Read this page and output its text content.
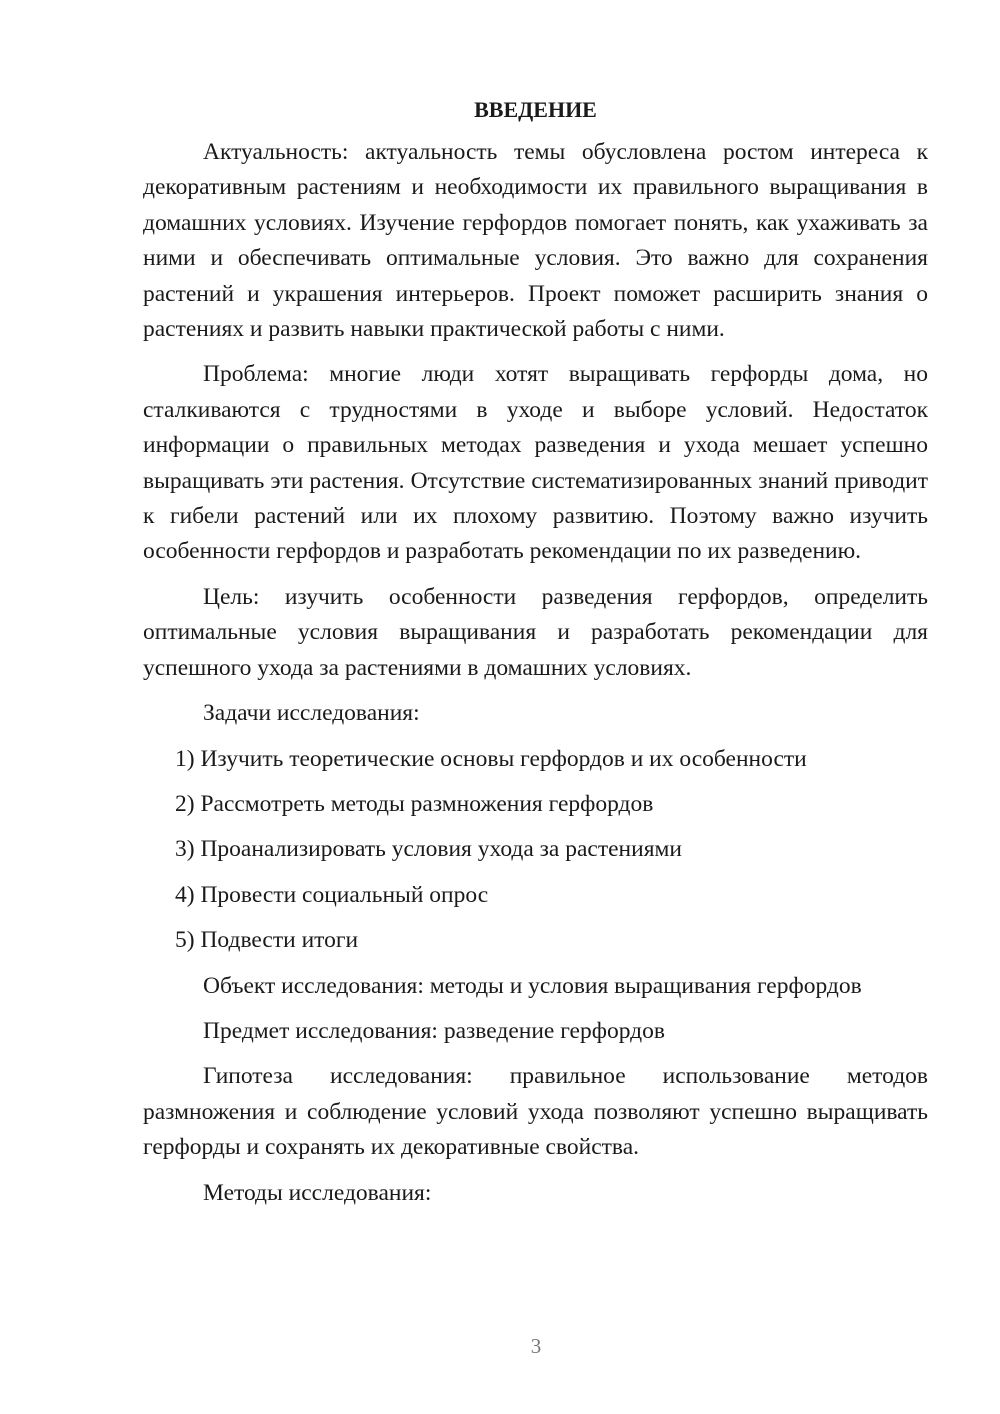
ВВЕДЕНИЕ

Актуальность: актуальность темы обусловлена ростом интереса к декоративным растениям и необходимости их правильного выращивания в домашних условиях. Изучение герфордов помогает понять, как ухаживать за ними и обеспечивать оптимальные условия. Это важно для сохранения растений и украшения интерьеров. Проект поможет расширить знания о растениях и развить навыки практической работы с ними.

Проблема: многие люди хотят выращивать герфорды дома, но сталкиваются с трудностями в уходе и выборе условий. Недостаток информации о правильных методах разведения и ухода мешает успешно выращивать эти растения. Отсутствие систематизированных знаний приводит к гибели растений или их плохому развитию. Поэтому важно изучить особенности герфордов и разработать рекомендации по их разведению.

Цель: изучить особенности разведения герфордов, определить оптимальные условия выращивания и разработать рекомендации для успешного ухода за растениями в домашних условиях.

Задачи исследования:

1) Изучить теоретические основы герфордов и их особенности
2) Рассмотреть методы размножения герфордов
3) Проанализировать условия ухода за растениями
4) Провести социальный опрос
5) Подвести итоги

Объект исследования: методы и условия выращивания герфордов

Предмет исследования: разведение герфордов

Гипотеза исследования: правильное использование методов размножения и соблюдение условий ухода позволяют успешно выращивать герфорды и сохранять их декоративные свойства.

Методы исследования:

3
